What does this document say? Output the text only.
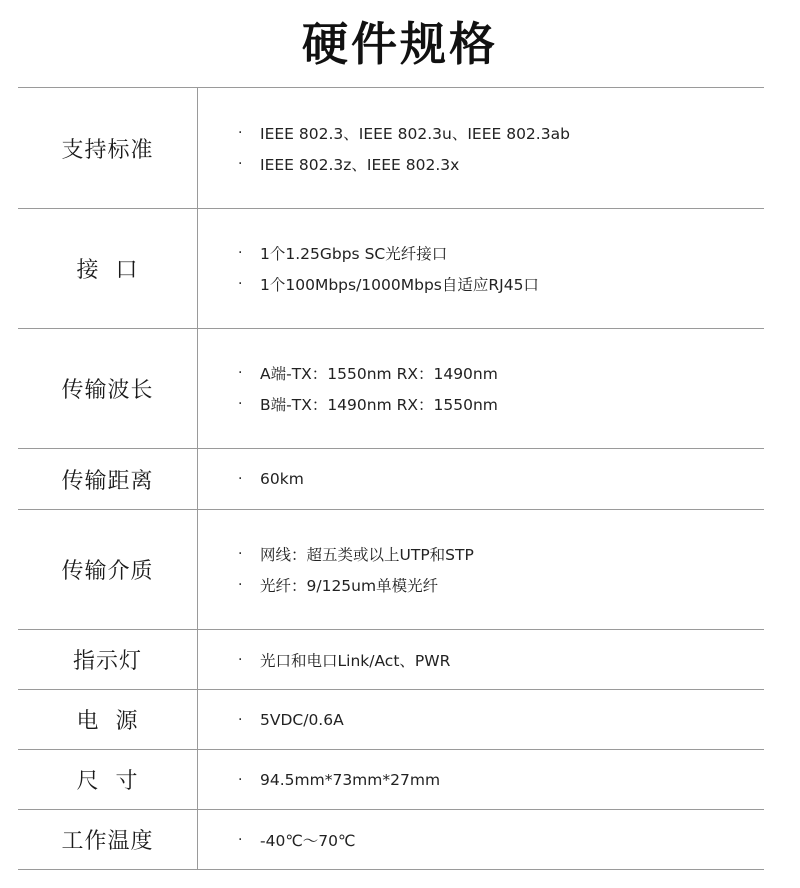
硬件规格
支持标准
·	IEEE 802.3、IEEE 802.3u、IEEE 802.3ab
·	IEEE 802.3z、IEEE 802.3x
接  口
·	1个1.25Gbps SC光纤接口
·	1个100Mbps/1000Mbps自适应RJ45口
传输波长
·	A端-TX：1550nm RX：1490nm
·	B端-TX：1490nm RX：1550nm
传输距离	·	60km
传输介质
·	网线：超五类或以上UTP和STP
·	光纤：9/125um单模光纤
指示灯	·	光口和电口Link/Act、PWR
电  源	·	5VDC/0.6A
尺  寸	·	94.5mm*73mm*27mm
工作温度	·	-40℃～70℃
